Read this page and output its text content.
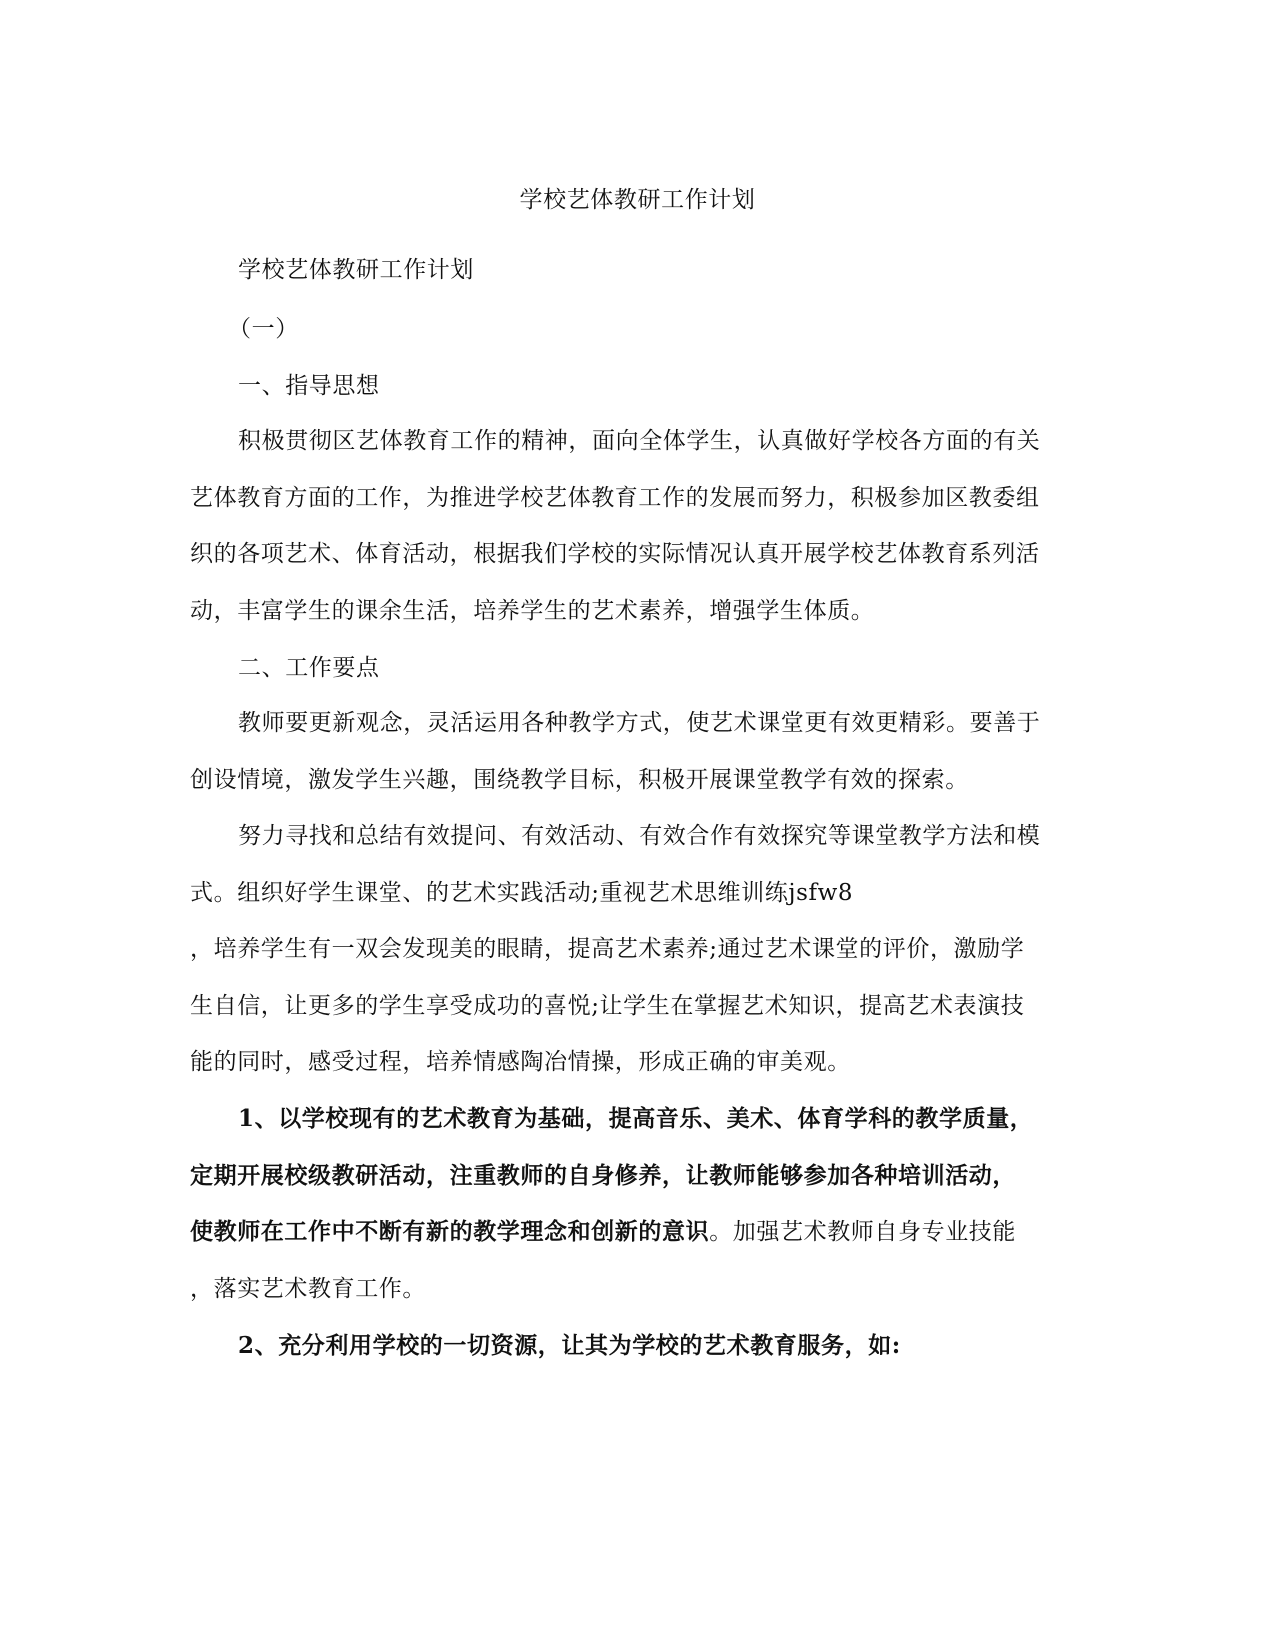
学校艺体教研工作计划
学校艺体教研工作计划
（一）
一、指导思想
积极贯彻区艺体教育工作的精神，面向全体学生，认真做好学校各方面的有关
艺体教育方面的工作，为推进学校艺体教育工作的发展而努力，积极参加区教委组
织的各项艺术、体育活动，根据我们学校的实际情况认真开展学校艺体教育系列活
动，丰富学生的课余生活，培养学生的艺术素养，增强学生体质。
二、工作要点
教师要更新观念，灵活运用各种教学方式，使艺术课堂更有效更精彩。要善于
创设情境，激发学生兴趣，围绕教学目标，积极开展课堂教学有效的探索。
努力寻找和总结有效提问、有效活动、有效合作有效探究等课堂教学方法和模
式。组织好学生课堂、的艺术实践活动;重视艺术思维训练jsfw8
，培养学生有一双会发现美的眼睛，提高艺术素养;通过艺术课堂的评价，激励学
生自信，让更多的学生享受成功的喜悦;让学生在掌握艺术知识，提高艺术表演技
能的同时，感受过程，培养情感陶冶情操，形成正确的审美观。
1、以学校现有的艺术教育为基础，提高音乐、美术、体育学科的教学质量，
定期开展校级教研活动，注重教师的自身修养，让教师能够参加各种培训活动，
使教师在工作中不断有新的教学理念和创新的意识。加强艺术教师自身专业技能
，落实艺术教育工作。
2、充分利用学校的一切资源，让其为学校的艺术教育服务，如:
